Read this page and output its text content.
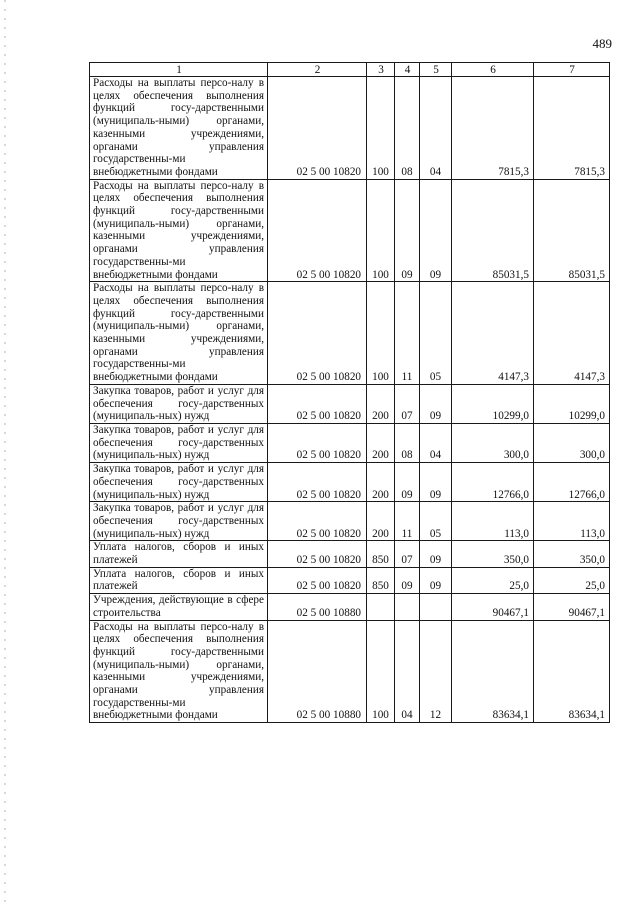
489
1	2	3	4	5	6	7
Расходы на выплаты персо-налу в целях обеспечения выполнения функций госу-дарственными (муниципаль-ными) органами, казенными учреждениями, органами управления государственны-ми внебюджетными фондами	02 5 00 10820	100	08	04	7815,3	7815,3
Расходы на выплаты персо-налу в целях обеспечения выполнения функций госу-дарственными (муниципаль-ными) органами, казенными учреждениями, органами управления государственны-ми внебюджетными фондами	02 5 00 10820	100	09	09	85031,5	85031,5
Расходы на выплаты персо-налу в целях обеспечения выполнения функций госу-дарственными (муниципаль-ными) органами, казенными учреждениями, органами управления государственны-ми внебюджетными фондами	02 5 00 10820	100	11	05	4147,3	4147,3
Закупка товаров, работ и услуг для обеспечения госу-дарственных (муниципаль-ных) нужд	02 5 00 10820	200	07	09	10299,0	10299,0
Закупка товаров, работ и услуг для обеспечения госу-дарственных (муниципаль-ных) нужд	02 5 00 10820	200	08	04	300,0	300,0
Закупка товаров, работ и услуг для обеспечения госу-дарственных (муниципаль-ных) нужд	02 5 00 10820	200	09	09	12766,0	12766,0
Закупка товаров, работ и услуг для обеспечения госу-дарственных (муниципаль-ных) нужд	02 5 00 10820	200	11	05	113,0	113,0
Уплата налогов, сборов и иных платежей	02 5 00 10820	850	07	09	350,0	350,0
Уплата налогов, сборов и иных платежей	02 5 00 10820	850	09	09	25,0	25,0
Учреждения, действующие в сфере строительства	02 5 00 10880				90467,1	90467,1
Расходы на выплаты персо-налу в целях обеспечения выполнения функций госу-дарственными (муниципаль-ными) органами, казенными учреждениями, органами управления государственны-ми внебюджетными фондами	02 5 00 10880	100	04	12	83634,1	83634,1
